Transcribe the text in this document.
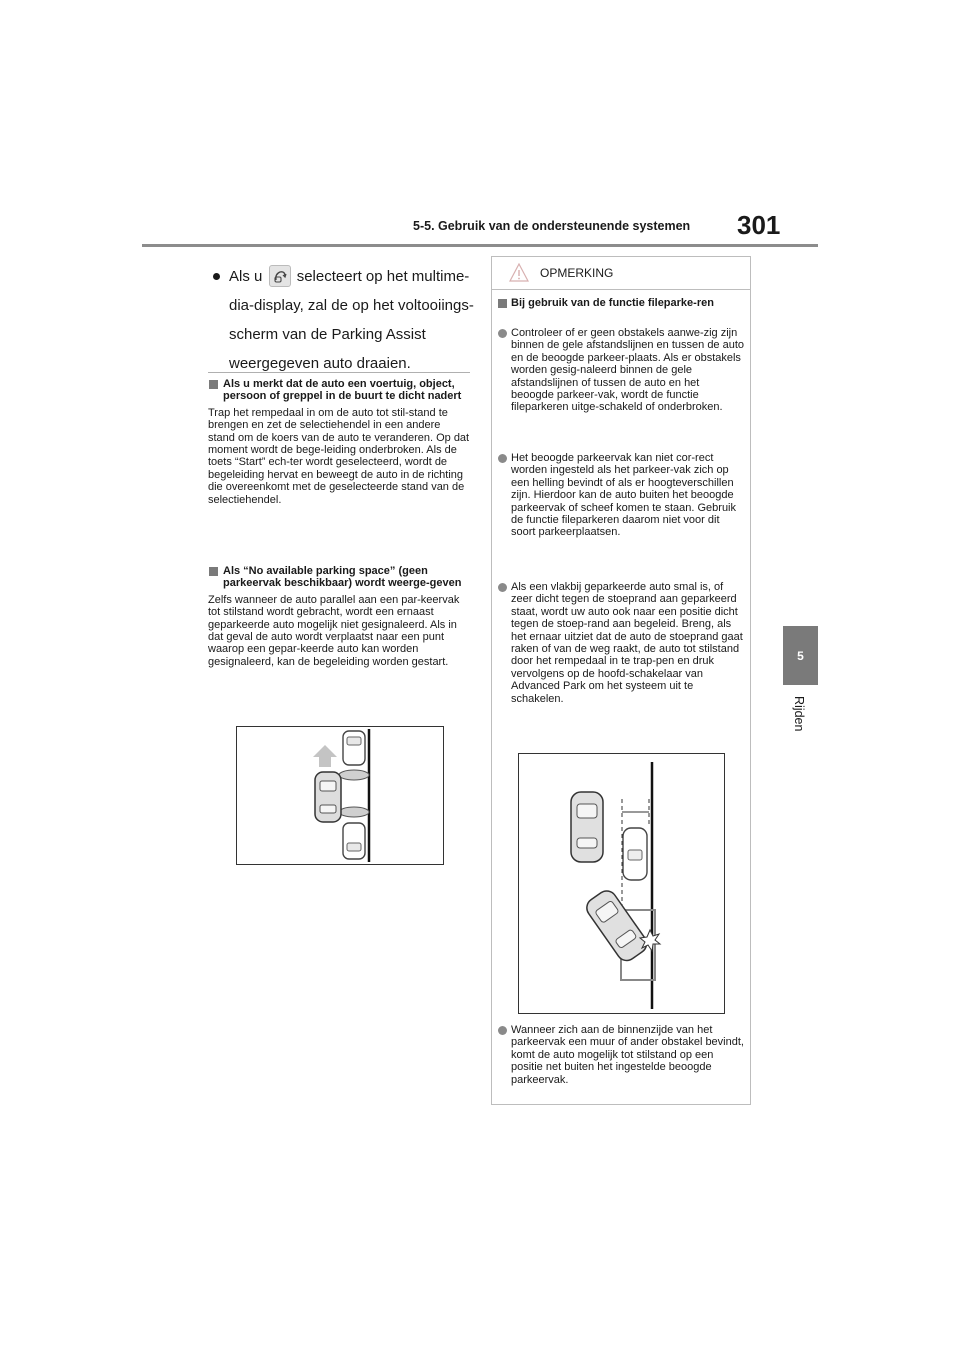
5-5. Gebruik van de ondersteunende systemen 301
5
Rijden

Als u selecteert op het multime-

dia-display, zal de op het voltooiings-

scherm van de Parking Assist

weergegeven auto draaien.

Als u merkt dat de auto een voertuig, object, persoon of greppel in de buurt te dicht nadert

Trap het rempedaal in om de auto tot stil-stand te brengen en zet de selectiehendel in een andere stand om de koers van de auto te veranderen. Op dat moment wordt de bege-leiding onderbroken. Als de toets “Start” ech-ter wordt geselecteerd, wordt de begeleiding hervat en beweegt de auto in de richting die overeenkomt met de geselecteerde stand van de selectiehendel.

Als “No available parking space” (geen parkeervak beschikbaar) wordt weerge-geven

Zelfs wanneer de auto parallel aan een par-keervak tot stilstand wordt gebracht, wordt een ernaast geparkeerde auto mogelijk niet gesignaleerd. Als in dat geval de auto wordt verplaatst naar een punt waarop een gepar-keerde auto kan worden gesignaleerd, kan de begeleiding worden gestart.

OPMERKING
Bij gebruik van de functie fileparke-ren
Controleer of er geen obstakels aanwe-zig zijn binnen de gele afstandslijnen en tussen de auto en de beoogde parkeer-plaats. Als er obstakels worden gesig-naleerd binnen de gele afstandslijnen of tussen de auto en het beoogde parkeer-vak, wordt de functie fileparkeren uitge-schakeld of onderbroken.
Het beoogde parkeervak kan niet cor-rect worden ingesteld als het parkeer-vak zich op een helling bevindt of als er hoogteverschillen zijn. Hierdoor kan de auto buiten het beoogde parkeervak of scheef komen te staan. Gebruik de functie fileparkeren daarom niet voor dit soort parkeerplaatsen.
Als een vlakbij geparkeerde auto smal is, of zeer dicht tegen de stoeprand aan geparkeerd staat, wordt uw auto ook naar een positie dicht tegen de stoep-rand aan begeleid. Breng, als het ernaar uitziet dat de auto de stoeprand gaat raken of van de weg raakt, de auto tot stilstand door het rempedaal in te trap-pen en druk vervolgens op de hoofd-schakelaar van Advanced Park om het systeem uit te schakelen.
Wanneer zich aan de binnenzijde van het parkeervak een muur of ander obstakel bevindt, komt de auto mogelijk tot stilstand op een positie net buiten het ingestelde beoogde parkeervak.
